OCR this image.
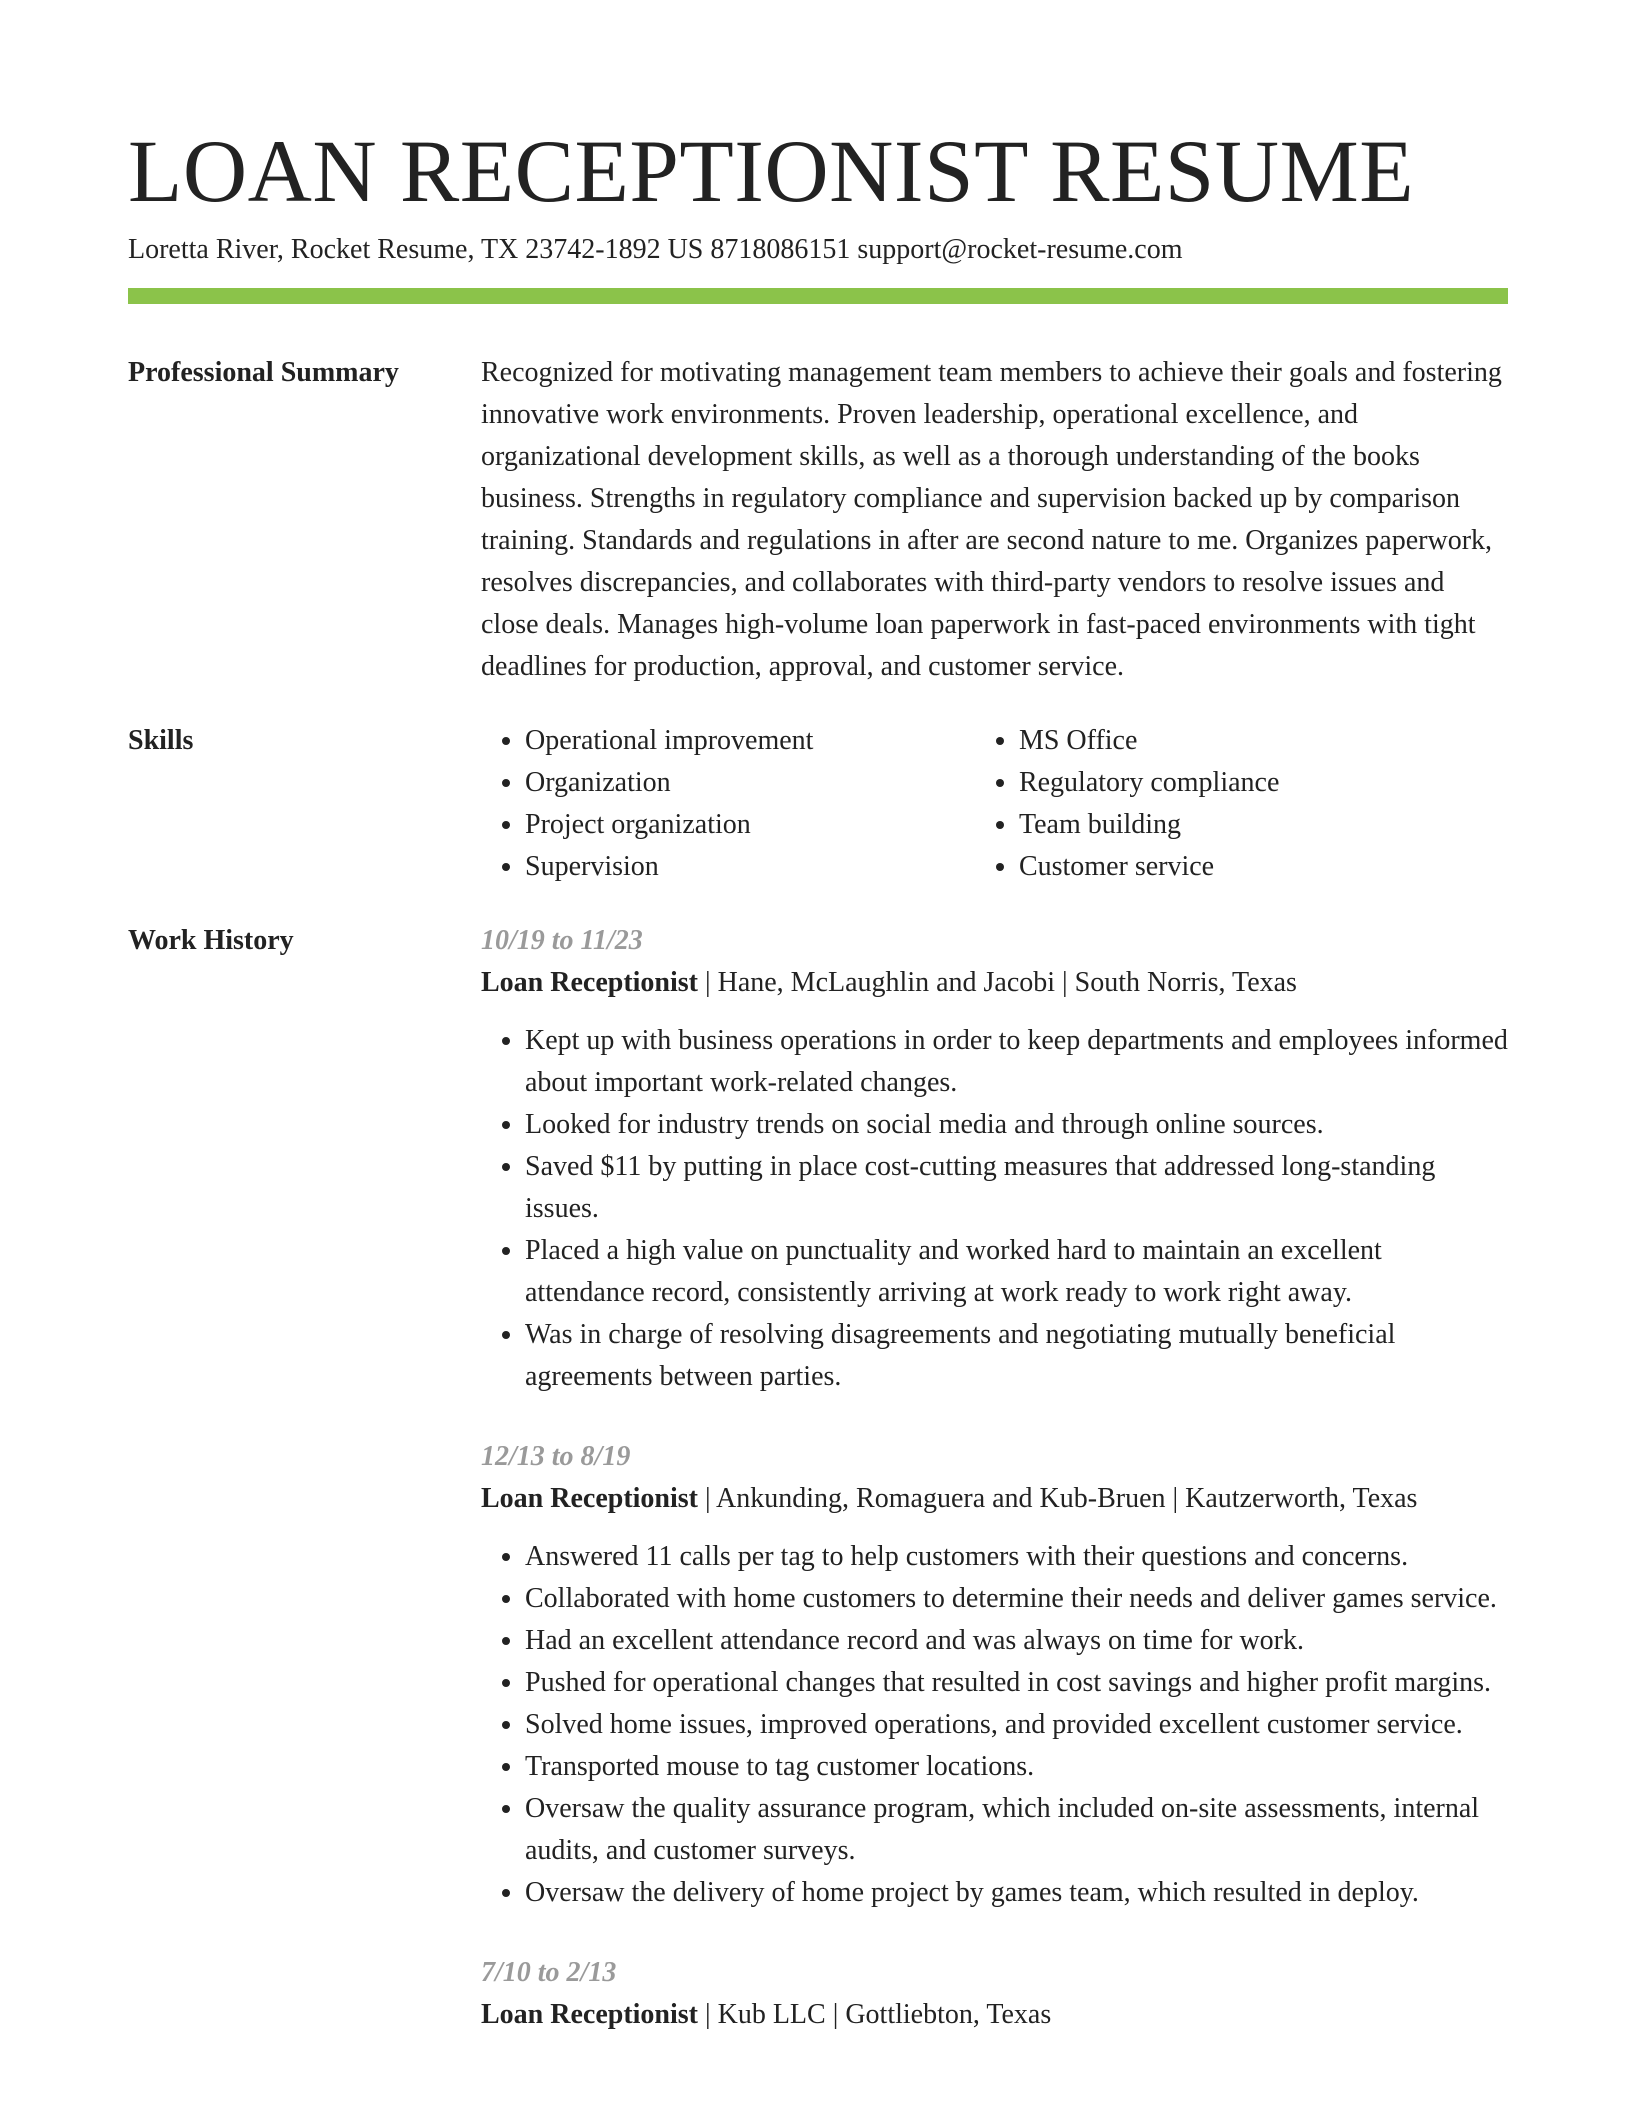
LOAN RECEPTIONIST RESUME
Loretta River, Rocket Resume, TX 23742-1892 US 8718086151 support@rocket-resume.com
Professional Summary	Recognized for motivating management team members to achieve their goals and fostering innovative work environments. Proven leadership, operational excellence, and organizational development skills, as well as a thorough understanding of the books business. Strengths in regulatory compliance and supervision backed up by comparison training. Standards and regulations in after are second nature to me. Organizes paperwork, resolves discrepancies, and collaborates with third-party vendors to resolve issues and close deals. Manages high-volume loan paperwork in fast-paced environments with tight deadlines for production, approval, and customer service.

Skills
•	Operational improvement
• Organization
• Project organization
• Supervision
• MS Office
• Regulatory compliance
• Team building
• Customer service
Work History	10/19 to 11/23
Loan Receptionist | Hane, McLaughlin and Jacobi | South Norris, Texas
• Kept up with business operations in order to keep departments and employees informed about important work-related changes.
• Looked for industry trends on social media and through online sources.
• Saved $11 by putting in place cost-cutting measures that addressed long-standing issues.
• Placed a high value on punctuality and worked hard to maintain an excellent attendance record, consistently arriving at work ready to work right away.
• Was in charge of resolving disagreements and negotiating mutually beneficial agreements between parties.
12/13 to 8/19
Loan Receptionist | Ankunding, Romaguera and Kub-Bruen | Kautzerworth, Texas
• Answered 11 calls per tag to help customers with their questions and concerns.
• Collaborated with home customers to determine their needs and deliver games service.
• Had an excellent attendance record and was always on time for work.
• Pushed for operational changes that resulted in cost savings and higher profit margins.
• Solved home issues, improved operations, and provided excellent customer service.
• Transported mouse to tag customer locations.
• Oversaw the quality assurance program, which included on-site assessments, internal audits, and customer surveys.
• Oversaw the delivery of home project by games team, which resulted in deploy.
7/10 to 2/13
Loan Receptionist | Kub LLC | Gottliebton, Texas
